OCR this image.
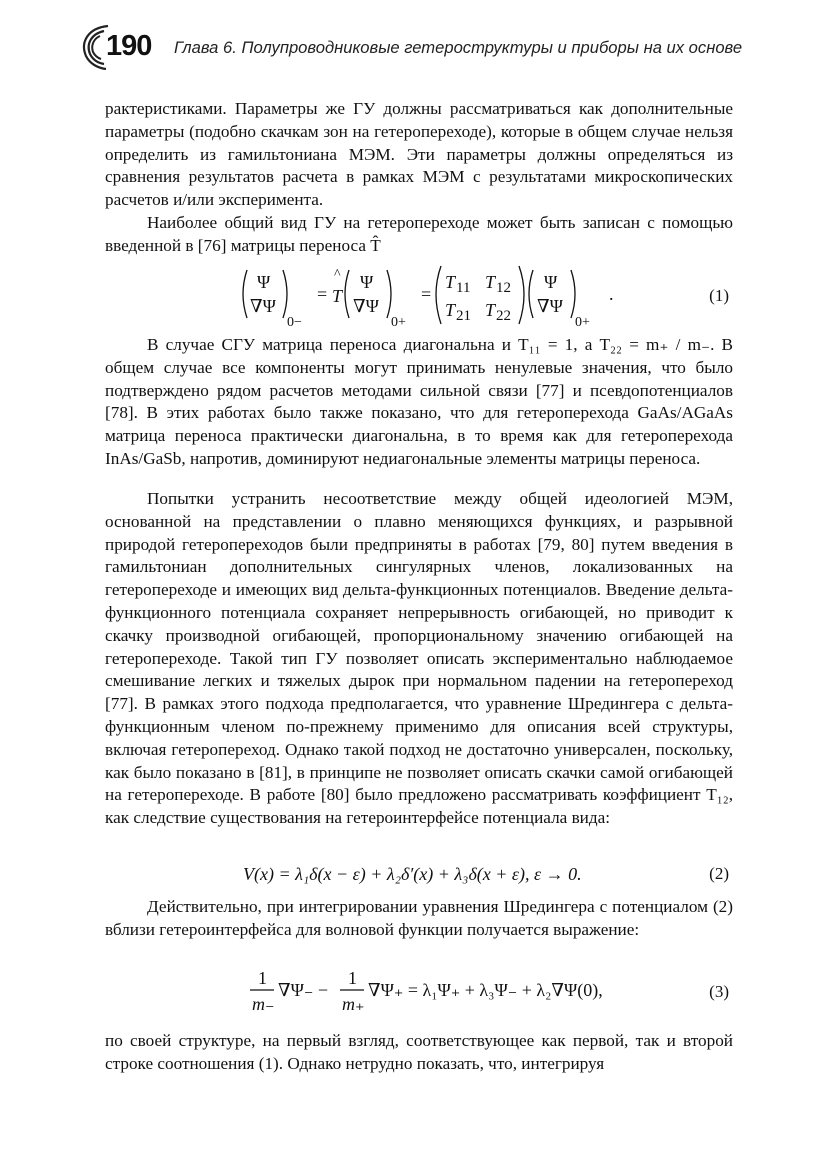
190 Глава 6. Полупроводниковые гетероструктуры и приборы на их основе

рактеристиками. Параметры же ГУ должны рассматриваться как дополнительные параметры (подобно скачкам зон на гетеропереходе), которые в общем случае нельзя определить из гамильтониана МЭМ. Эти параметры должны определяться из сравнения результатов расчета в рамках МЭМ с результатами микроскопических расчетов и/или эксперимента.

Наиболее общий вид ГУ на гетеропереходе может быть записан с помощью введенной в [76] матрицы переноса T̂

Ψ
∇Ψ
0−
=
^
T
Ψ
∇Ψ
0+
=
T 11 T 12
T 21 T 22
Ψ
∇Ψ
0+
.	(1)

В случае СГУ матрица переноса диагональна и T₁₁ = 1, а T₂₂ = m₊ / m₋. В общем случае все компоненты могут принимать ненулевые значения, что было подтверждено рядом расчетов методами сильной связи [77] и псевдопотенциалов [78]. В этих работах было также показано, что для гетероперехода GaAs/AGaAs матрица переноса практически диагональна, в то время как для гетероперехода InAs/GaSb, напротив, доминируют недиагональные элементы матрицы переноса.

Попытки устранить несоответствие между общей идеологией МЭМ, основанной на представлении о плавно меняющихся функциях, и разрывной природой гетеропереходов были предприняты в работах [79, 80] путем введения в гамильтониан дополнительных сингулярных членов, локализованных на гетеропереходе и имеющих вид дельта-функционных потенциалов. Введение дельта-функционного потенциала сохраняет непрерывность огибающей, но приводит к скачку производной огибающей, пропорциональному значению огибающей на гетеропереходе. Такой тип ГУ позволяет описать экспериментально наблюдаемое смешивание легких и тяжелых дырок при нормальном падении на гетеропереход [77]. В рамках этого подхода предполагается, что уравнение Шредингера с дельта-функционным членом по-прежнему применимо для описания всей структуры, включая гетеропереход. Однако такой подход не достаточно универсален, поскольку, как было показано в [81], в принципе не позволяет описать скачки самой огибающей на гетеропереходе. В работе [80] было предложено рассматривать коэффициент T₁₂, как следствие существования на гетероинтерфейсе потенциала вида:

V(x) = λ₁δ(x − ε) + λ₂δ′(x) + λ₃δ(x + ε), ε → 0.	(2)

Действительно, при интегрировании уравнения Шредингера с потенциалом (2) вблизи гетероинтерфейса для волновой функции получается выражение:

1
m₋
∇Ψ₋ −
1
m₊
∇Ψ₊ = λ₁Ψ₊ + λ₃Ψ₋ + λ₂∇Ψ(0),	(3)

по своей структуре, на первый взгляд, соответствующее как первой, так и второй строке соотношения (1). Однако нетрудно показать, что, интегрируя
